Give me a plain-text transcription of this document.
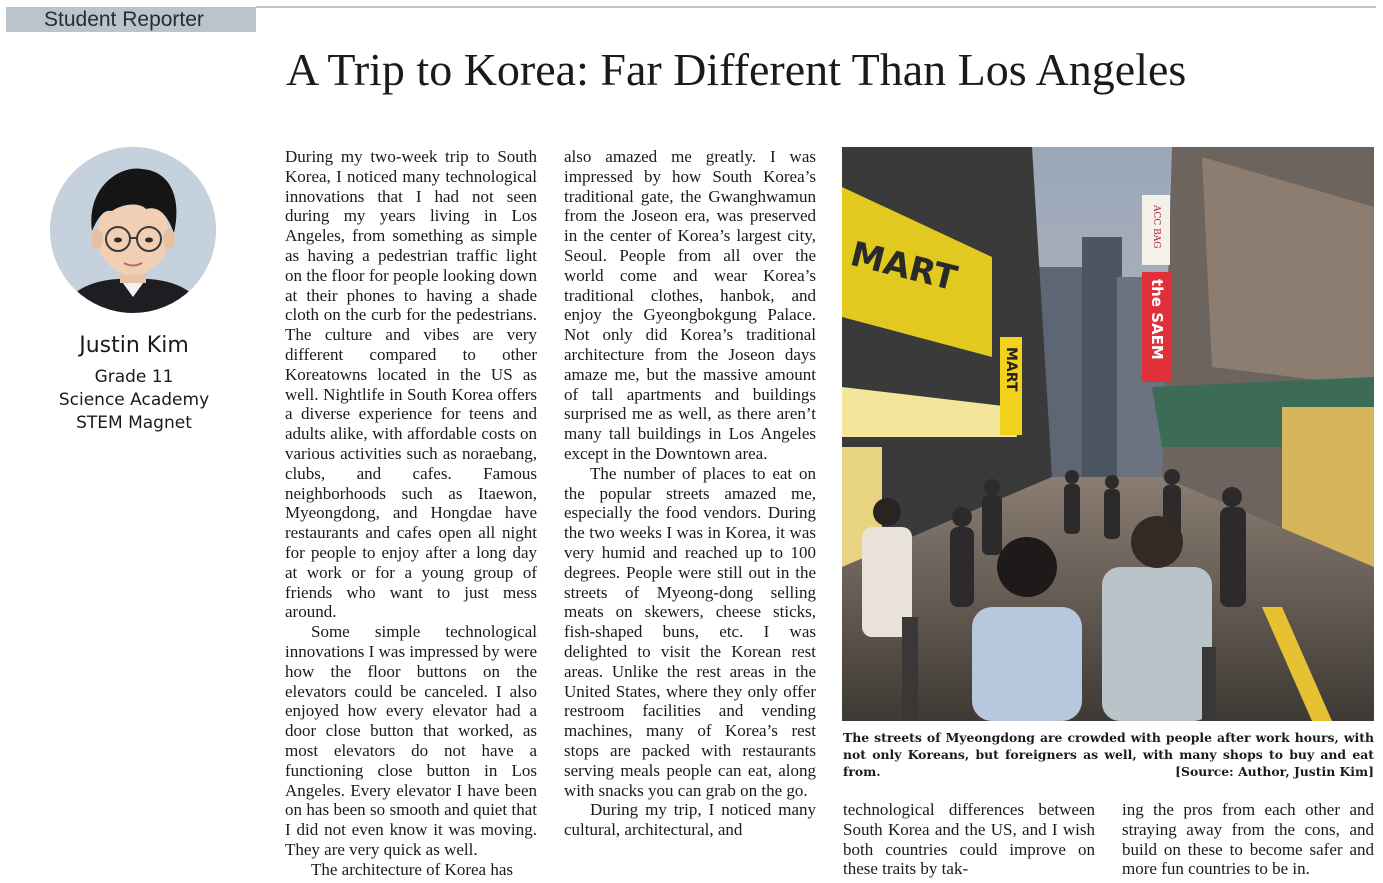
Student Reporter
A Trip to Korea: Far Different Than Los Angeles
Justin Kim
Grade 11
Science Academy
STEM Magnet

During my two-week trip to South Korea, I noticed many technological innovations that I had not seen during my years living in Los Angeles, from something as simple as having a pedestrian traffic light on the floor for people looking down at their phones to having a shade cloth on the curb for the pedestrians. The culture and vibes are very different compared to other Koreatowns located in the US as well. Nightlife in South Korea offers a diverse experience for teens and adults alike, with affordable costs on various activities such as noraebang, clubs, and cafes. Famous neighborhoods such as Itaewon, Myeongdong, and Hongdae have restaurants and cafes open all night for people to enjoy after a long day at work or for a young group of friends who want to just mess around.

Some simple technological innovations I was impressed by were how the floor buttons on the elevators could be canceled. I also enjoyed how every elevator had a door close button that worked, as most elevators do not have a functioning close button in Los Angeles. Every elevator I have been on has been so smooth and quiet that I did not even know it was moving. They are very quick as well.

The architecture of Korea has

also amazed me greatly. I was impressed by how South Korea’s traditional gate, the Gwanghwamun from the Joseon era, was preserved in the center of Korea’s largest city, Seoul. People from all over the world come and wear Korea’s traditional clothes, hanbok, and enjoy the Gyeongbokgung Palace. Not only did Korea’s traditional architecture from the Joseon days amaze me, but the massive amount of tall apartments and buildings surprised me as well, as there aren’t many tall buildings in Los Angeles except in the Downtown area.

The number of places to eat on the popular streets amazed me, especially the food vendors. During the two weeks I was in Korea, it was very humid and reached up to 100 degrees. People were still out in the streets of Myeong-dong selling meats on skewers, cheese sticks, fish-shaped buns, etc. I was delighted to visit the Korean rest areas. Unlike the rest areas in the United States, where they only offer restroom facilities and vending machines, many of Korea’s rest stops are packed with restaurants serving meals people can eat, along with snacks you can grab on the go.

During my trip, I noticed many cultural, architectural, and

MART
MART
the SAEM
ACC BAG
The streets of Myeongdong are crowded with people after work hours, with not only Koreans, but foreigners as well, with many shops to buy and eat from.	[Source: Author, Justin Kim]

technological differences between South Korea and the US, and I wish both countries could improve on these traits by tak-

ing the pros from each other and straying away from the cons, and build on these to become safer and more fun countries to be in.
